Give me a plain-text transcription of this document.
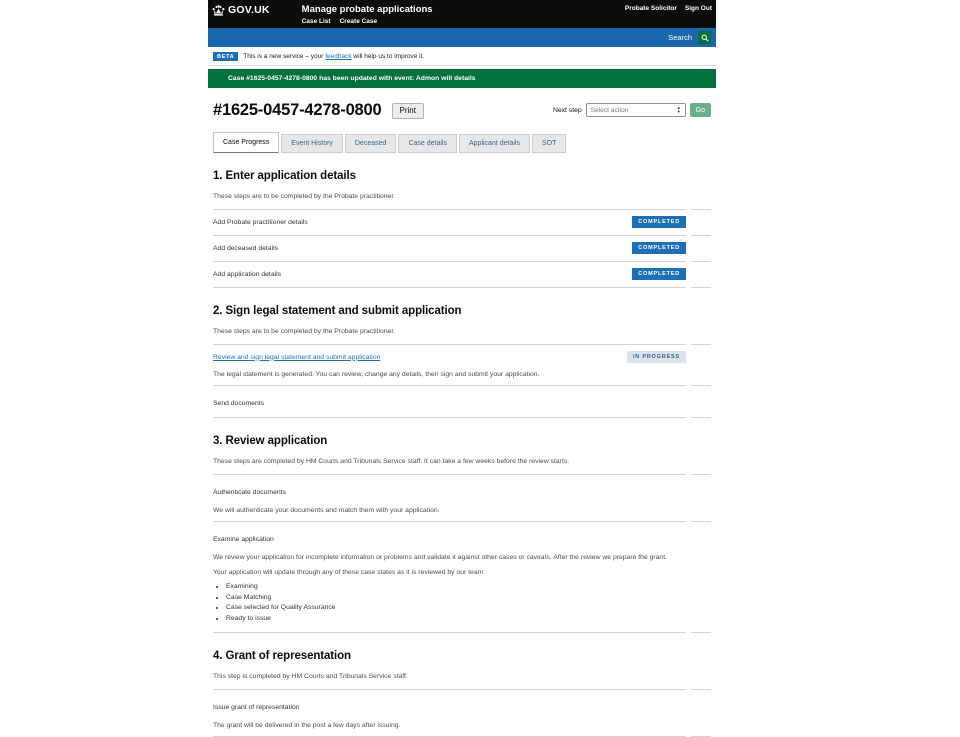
GOV.UK	Manage probate applications
Case List Create Case
Probate Solicitor Sign Out
Search
BETA	This is a new service – your feedback will help us to improve it.
Case #1625-0457-4278-0800 has been updated with event: Admon will details
#1625-0457-4278-0800	Print	Next step Select action	▲
▼	Go
Case Progress	Event History	Deceased	Case details	Applicant details	SOT
1. Enter application details

These steps are to be completed by the Probate practitioner.

Add Probate practitioner details	COMPLETED
Add deceased details	COMPLETED
Add application details	COMPLETED
2. Sign legal statement and submit application

These steps are to be completed by the Probate practitioner.

Review and sign legal statement and submit application	IN PROGRESS

The legal statement is generated. You can review, change any details, then sign and submit your application.

Send documents
3. Review application

These steps are completed by HM Courts and Tribunals Service staff. It can take a few weeks before the review starts.

Authenticate documents

We will authenticate your documents and match them with your application.

Examine application

We review your application for incomplete information or problems and validate it against other cases or caveats. After the review we prepare the grant.

Your application will update through any of these case states as it is reviewed by our team:

• Examining
• Case Matching
• Case selected for Quality Assurance
• Ready to issue
4. Grant of representation

This step is completed by HM Courts and Tribunals Service staff.

Issue grant of representation

The grant will be delivered in the post a few days after issuing.
